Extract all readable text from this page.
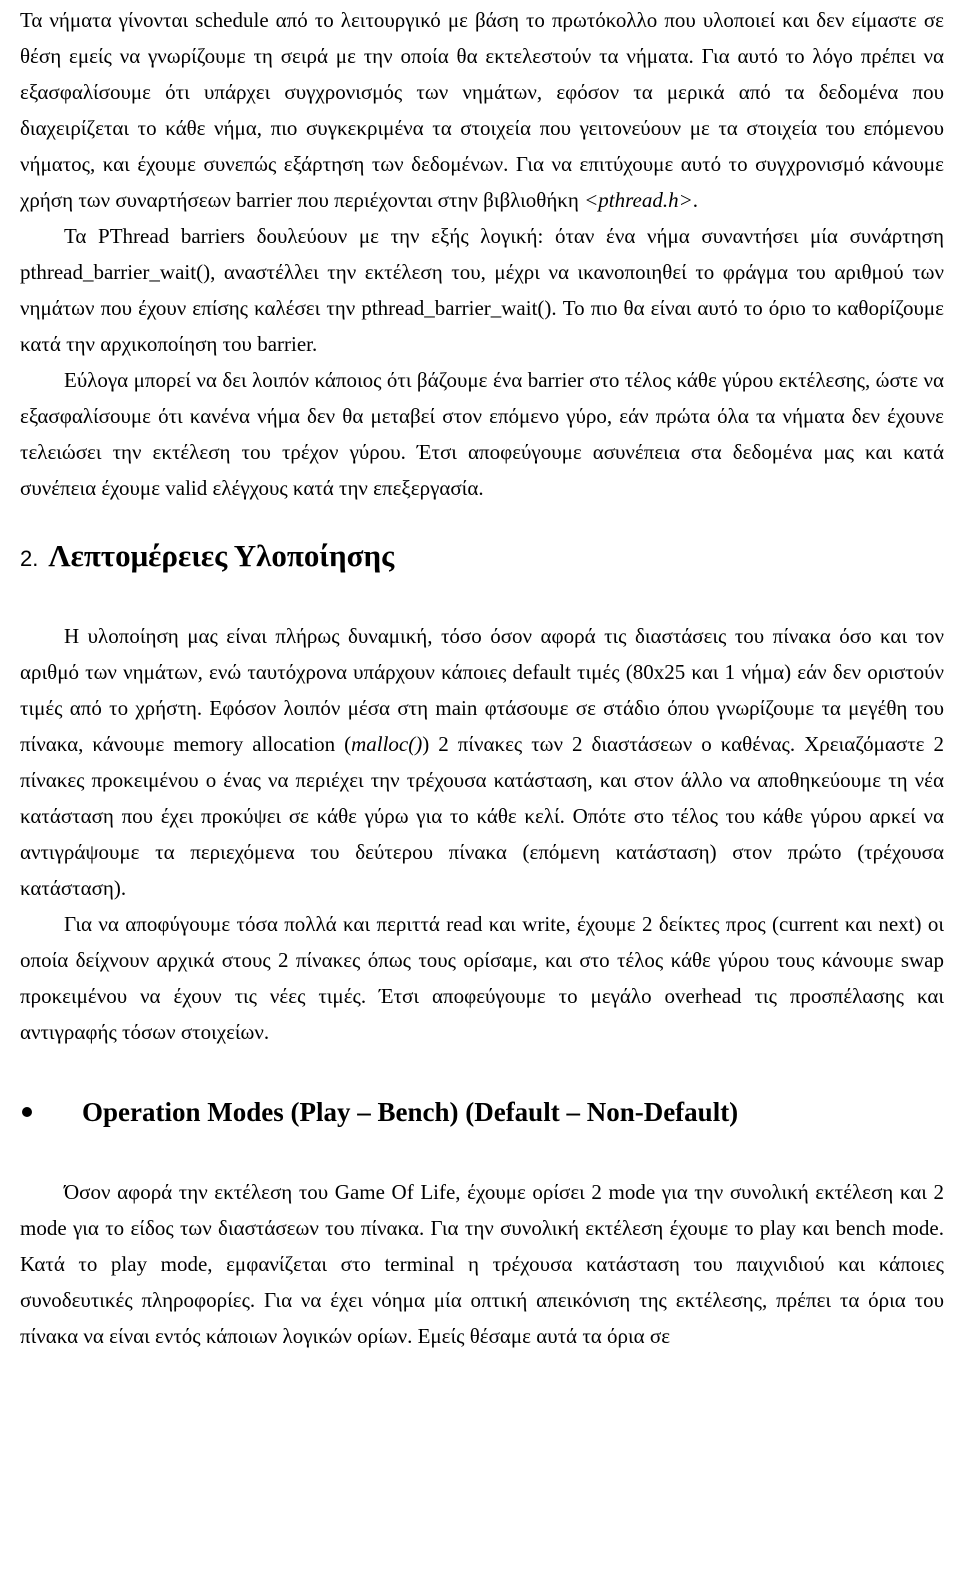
Τα νήματα γίνονται schedule από το λειτουργικό με βάση το πρωτόκολλο που υλοποιεί και δεν είμαστε σε θέση εμείς να γνωρίζουμε τη σειρά με την οποία θα εκτελεστούν τα νήματα. Για αυτό το λόγο πρέπει να εξασφαλίσουμε ότι υπάρχει συγχρονισμός των νημάτων, εφόσον τα μερικά από τα δεδομένα που διαχειρίζεται το κάθε νήμα, πιο συγκεκριμένα τα στοιχεία που γειτονεύουν με τα στοιχεία του επόμενου νήματος, και έχουμε συνεπώς εξάρτηση των δεδομένων. Για να επιτύχουμε αυτό το συγχρονισμό κάνουμε χρήση των συναρτήσεων barrier που περιέχονται στην βιβλιοθήκη <pthread.h>.

Τα PThread barriers δουλεύουν με την εξής λογική: όταν ένα νήμα συναντήσει μία συνάρτηση pthread_barrier_wait(), αναστέλλει την εκτέλεση του, μέχρι να ικανοποιηθεί το φράγμα του αριθμού των νημάτων που έχουν επίσης καλέσει την pthread_barrier_wait(). Το πιο θα είναι αυτό το όριο το καθορίζουμε κατά την αρχικοποίηση του barrier.

Εύλογα μπορεί να δει λοιπόν κάποιος ότι βάζουμε ένα barrier στο τέλος κάθε γύρου εκτέλεσης, ώστε να εξασφαλίσουμε ότι κανένα νήμα δεν θα μεταβεί στον επόμενο γύρο, εάν πρώτα όλα τα νήματα δεν έχουνε τελειώσει την εκτέλεση του τρέχον γύρου. Έτσι αποφεύγουμε ασυνέπεια στα δεδομένα μας και κατά συνέπεια έχουμε valid ελέγχους κατά την επεξεργασία.

2. Λεπτομέρειες Υλοποίησης

Η υλοποίηση μας είναι πλήρως δυναμική, τόσο όσον αφορά τις διαστάσεις του πίνακα όσο και τον αριθμό των νημάτων, ενώ ταυτόχρονα υπάρχουν κάποιες default τιμές (80x25 και 1 νήμα) εάν δεν οριστούν τιμές από το χρήστη. Εφόσον λοιπόν μέσα στη main φτάσουμε σε στάδιο όπου γνωρίζουμε τα μεγέθη του πίνακα, κάνουμε memory allocation (malloc()) 2 πίνακες των 2 διαστάσεων ο καθένας. Χρειαζόμαστε 2 πίνακες προκειμένου ο ένας να περιέχει την τρέχουσα κατάσταση, και στον άλλο να αποθηκεύουμε τη νέα κατάσταση που έχει προκύψει σε κάθε γύρω για το κάθε κελί. Οπότε στο τέλος του κάθε γύρου αρκεί να αντιγράψουμε τα περιεχόμενα του δεύτερου πίνακα (επόμενη κατάσταση) στον πρώτο (τρέχουσα κατάσταση).

Για να αποφύγουμε τόσα πολλά και περιττά read και write, έχουμε 2 δείκτες προς (current και next) οι οποία δείχνουν αρχικά στους 2 πίνακες όπως τους ορίσαμε, και στο τέλος κάθε γύρου τους κάνουμε swap προκειμένου να έχουν τις νέες τιμές. Έτσι αποφεύγουμε το μεγάλο overhead τις προσπέλασης και αντιγραφής τόσων στοιχείων.

Operation Modes (Play – Bench) (Default – Non-Default)

Όσον αφορά την εκτέλεση του Game Of Life, έχουμε ορίσει 2 mode για την συνολική εκτέλεση και 2 mode για το είδος των διαστάσεων του πίνακα. Για την συνολική εκτέλεση έχουμε το play και bench mode. Κατά το play mode, εμφανίζεται στο terminal η τρέχουσα κατάσταση του παιχνιδιού και κάποιες συνοδευτικές πληροφορίες. Για να έχει νόημα μία οπτική απεικόνιση της εκτέλεσης, πρέπει τα όρια του πίνακα να είναι εντός κάποιων λογικών ορίων. Εμείς θέσαμε αυτά τα όρια σε
